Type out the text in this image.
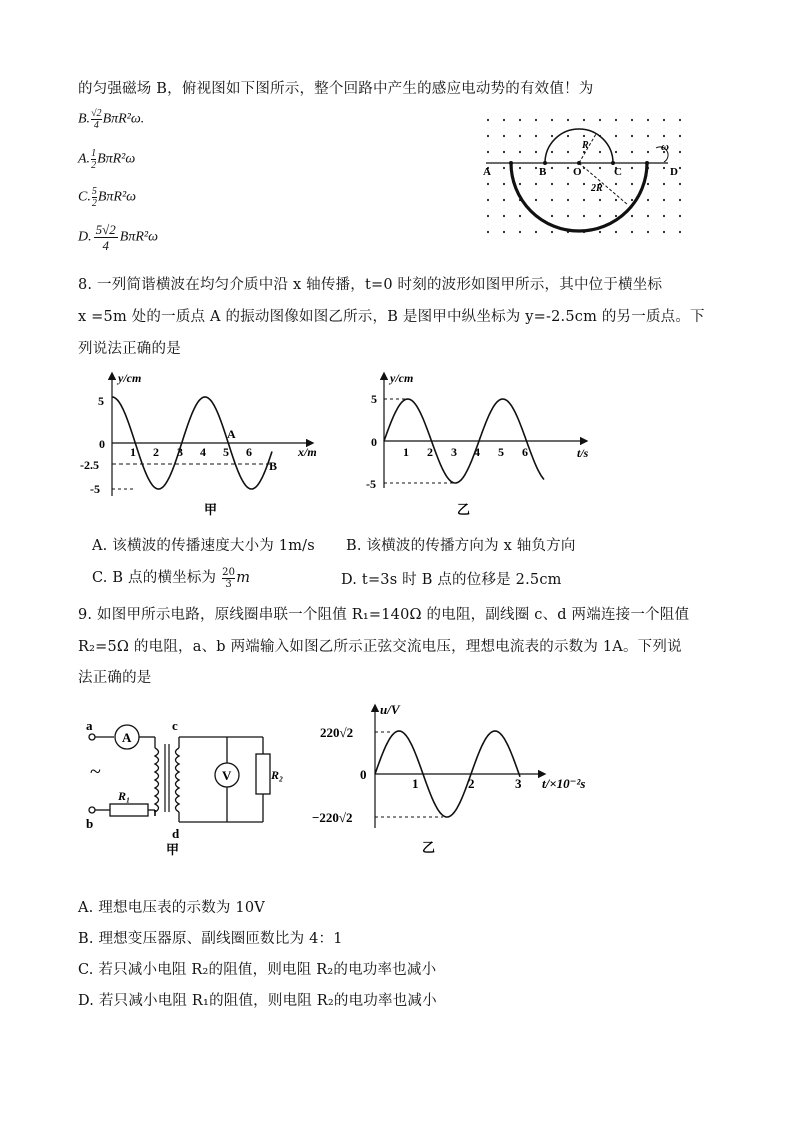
的匀强磁场 B，俯视图如下图所示，整个回路中产生的感应电动势的有效值！为
B. $\frac{√2}{4} B\pi R^2\omega$.
A. $\frac{1}{2} B\pi R^2\omega$
C. $\frac{5}{2} B\pi R^2\omega$
D. $\frac{5√2}{4} B\pi R^2\omega$
ω
A	B O	C	D
R
2R
8. 一列简谐横波在均匀介质中沿 x 轴传播，t=0 时刻的波形如图甲所示，其中位于横坐标
x =5m 处的一质点 A 的振动图像如图乙所示，B 是图甲中纵坐标为 y=-2.5cm 的另一质点。下
列说法正确的是
y/cm
x/m
5
0
-2.5
-5
1 2 3 4 5 6
A
B
甲
y/cm
t/s
5
0
-5
1 2 3 4 5 6
乙
A. 该横波的传播速度大小为 1m/s B. 该横波的传播方向为 x 轴负方向
C. B 点的横坐标为 $\frac{20}{3}$ m	D. t=3s 时 B 点的位移是 2.5cm
9. 如图甲所示电路，原线圈串联一个阻值 R₁=140Ω 的电阻，副线圈 c、d 两端连接一个阻值
R₂=5Ω 的电阻，a、b 两端输入如图乙所示正弦交流电压，理想电流表的示数为 1A。下列说
法正确的是
a
b
c
d
A
V
R₁
R₂
~
甲
u/V
t/×10⁻²s
220√2
−220√2
0
1	2	3
乙
A. 理想电压表的示数为 10V
B. 理想变压器原、副线圈匝数比为 4：1
C. 若只减小电阻 R₂的阻值，则电阻 R₂的电功率也减小
D. 若只减小电阻 R₁的阻值，则电阻 R₂的电功率也减小
